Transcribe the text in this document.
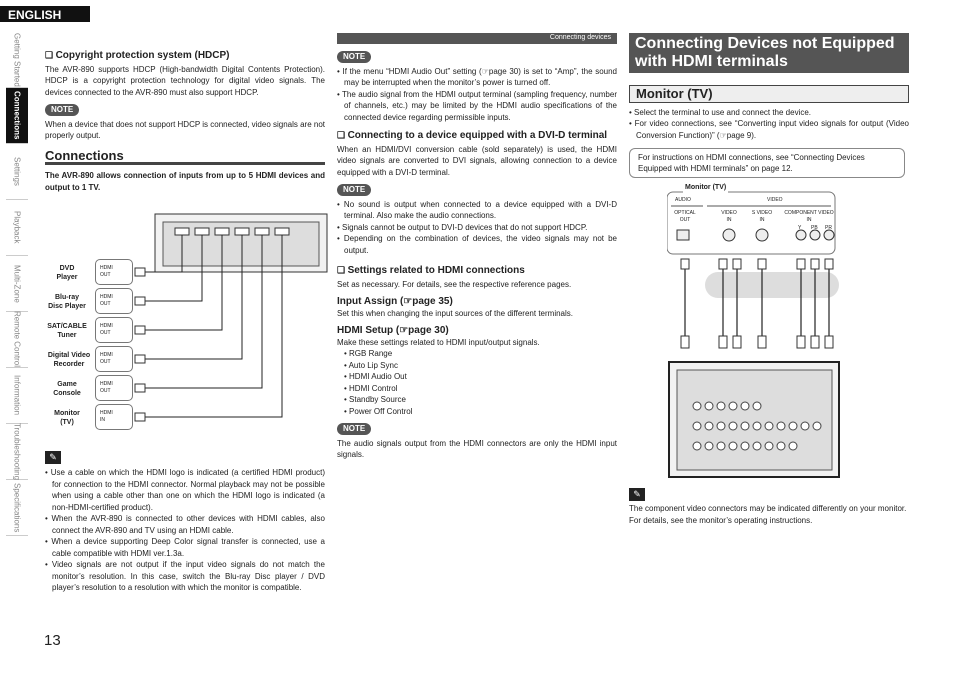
ENGLISH
Getting Started
Connections
Settings
Playback
Multi-Zone
Remote Control
Information
Troubleshooting
Specifications
Connecting devices
❑ Copyright protection system (HDCP)

The AVR-890 supports HDCP (High-bandwidth Digital Contents Protection). HDCP is a copyright protection technology for digital video signals. The devices connected to the AVR-890 must also support HDCP.

NOTE

When a device that does not support HDCP is connected, video signals are not properly output.

Connections

The AVR-890 allows connection of inputs from up to 5 HDMI devices and output to 1 TV.

DVD
Player
HDMI
OUT
Blu-ray
Disc Player
HDMI
OUT
SAT/CABLE
Tuner
HDMI
OUT
Digital Video
Recorder
HDMI
OUT
Game
Console
HDMI
OUT
Monitor
(TV)
HDMI
IN
✎
• Use a cable on which the HDMI logo is indicated (a certified HDMI product) for connection to the HDMI connector. Normal playback may not be possible when using a cable other than one on which the HDMI logo is indicated (a non-HDMI-certified product).
• When the AVR-890 is connected to other devices with HDMI cables, also connect the AVR-890 and TV using an HDMI cable.
• When a device supporting Deep Color signal transfer is connected, use a cable compatible with HDMI ver.1.3a.
• Video signals are not output if the input video signals do not match the monitor’s resolution. In this case, switch the Blu-ray Disc player / DVD player’s resolution to a resolution with which the monitor is compatible.
NOTE
• If the menu “HDMI Audio Out” setting (☞page 30) is set to “Amp”, the sound may be interrupted when the monitor’s power is turned off.
• The audio signal from the HDMI output terminal (sampling frequency, number of channels, etc.) may be limited by the HDMI audio specifications of the connected device regarding permissible inputs.
❑ Connecting to a device equipped with a DVI-D terminal

When an HDMI/DVI conversion cable (sold separately) is used, the HDMI video signals are converted to DVI signals, allowing connection to a device equipped with a DVI-D terminal.

NOTE
• No sound is output when connected to a device equipped with a DVI-D terminal. Also make the audio connections.
• Signals cannot be output to DVI-D devices that do not support HDCP.
• Depending on the combination of devices, the video signals may not be output.
❑ Settings related to HDMI connections

Set as necessary. For details, see the respective reference pages.

Input Assign (☞page 35)

Set this when changing the input sources of the different terminals.

HDMI Setup (☞page 30)

Make these settings related to HDMI input/output signals.

• RGB Range
• Auto Lip Sync
• HDMI Audio Out
• HDMI Control
• Standby Source
• Power Off Control
NOTE

The audio signals output from the HDMI connectors are only the HDMI input signals.

Connecting Devices not Equipped with HDMI terminals
Monitor (TV)
• Select the terminal to use and connect the device.
• For video connections, see “Converting input video signals for output (Video Conversion Function)” (☞page 9).
For instructions on HDMI connections, see “Connecting Devices Equipped with HDMI terminals” on page 12.
Monitor (TV)
AUDIO	VIDEO
OPTICAL
OUT
VIDEO
IN
S VIDEO
IN
COMPONENT VIDEO
IN
Y PB PR
✎

The component video connectors may be indicated differently on your monitor. For details, see the monitor’s operating instructions.

13
